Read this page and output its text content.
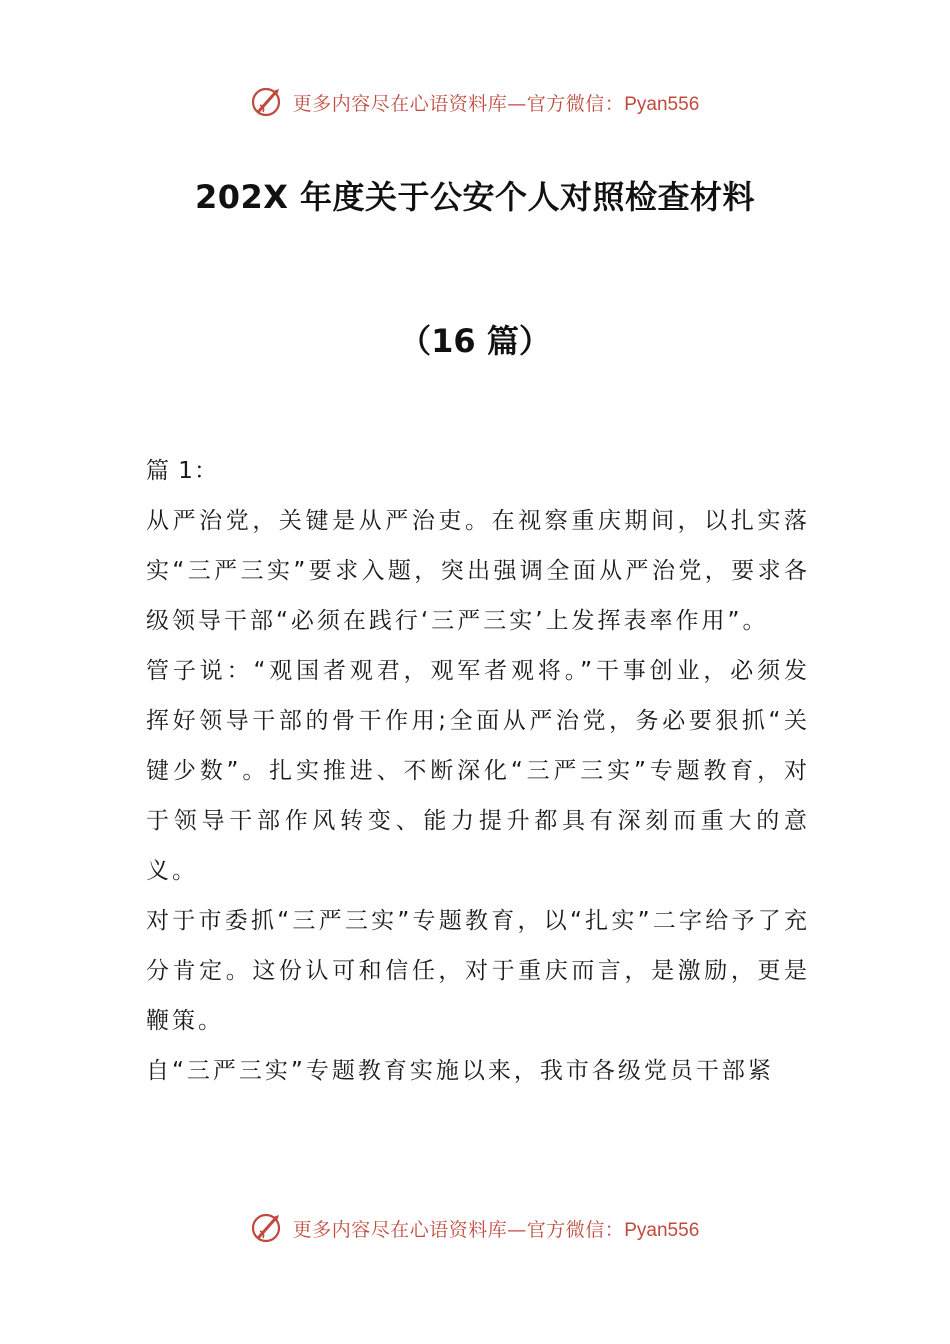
更多内容尽在心语资料库—官方微信：Pyan556
202X 年度关于公安个人对照检查材料
（16 篇）

篇 1：

从严治党，关键是从严治吏。在视察重庆期间，以扎实落实“三严三实”要求入题，突出强调全面从严治党，要求各级领导干部“必须在践行‘三严三实’上发挥表率作用”。

管子说：“观国者观君，观军者观将。”干事创业，必须发挥好领导干部的骨干作用;全面从严治党，务必要狠抓“关键少数”。扎实推进、不断深化“三严三实”专题教育，对于领导干部作风转变、能力提升都具有深刻而重大的意义。

对于市委抓“三严三实”专题教育，以“扎实”二字给予了充分肯定。这份认可和信任，对于重庆而言，是激励，更是鞭策。

自“三严三实”专题教育实施以来，我市各级党员干部紧

更多内容尽在心语资料库—官方微信：Pyan556
